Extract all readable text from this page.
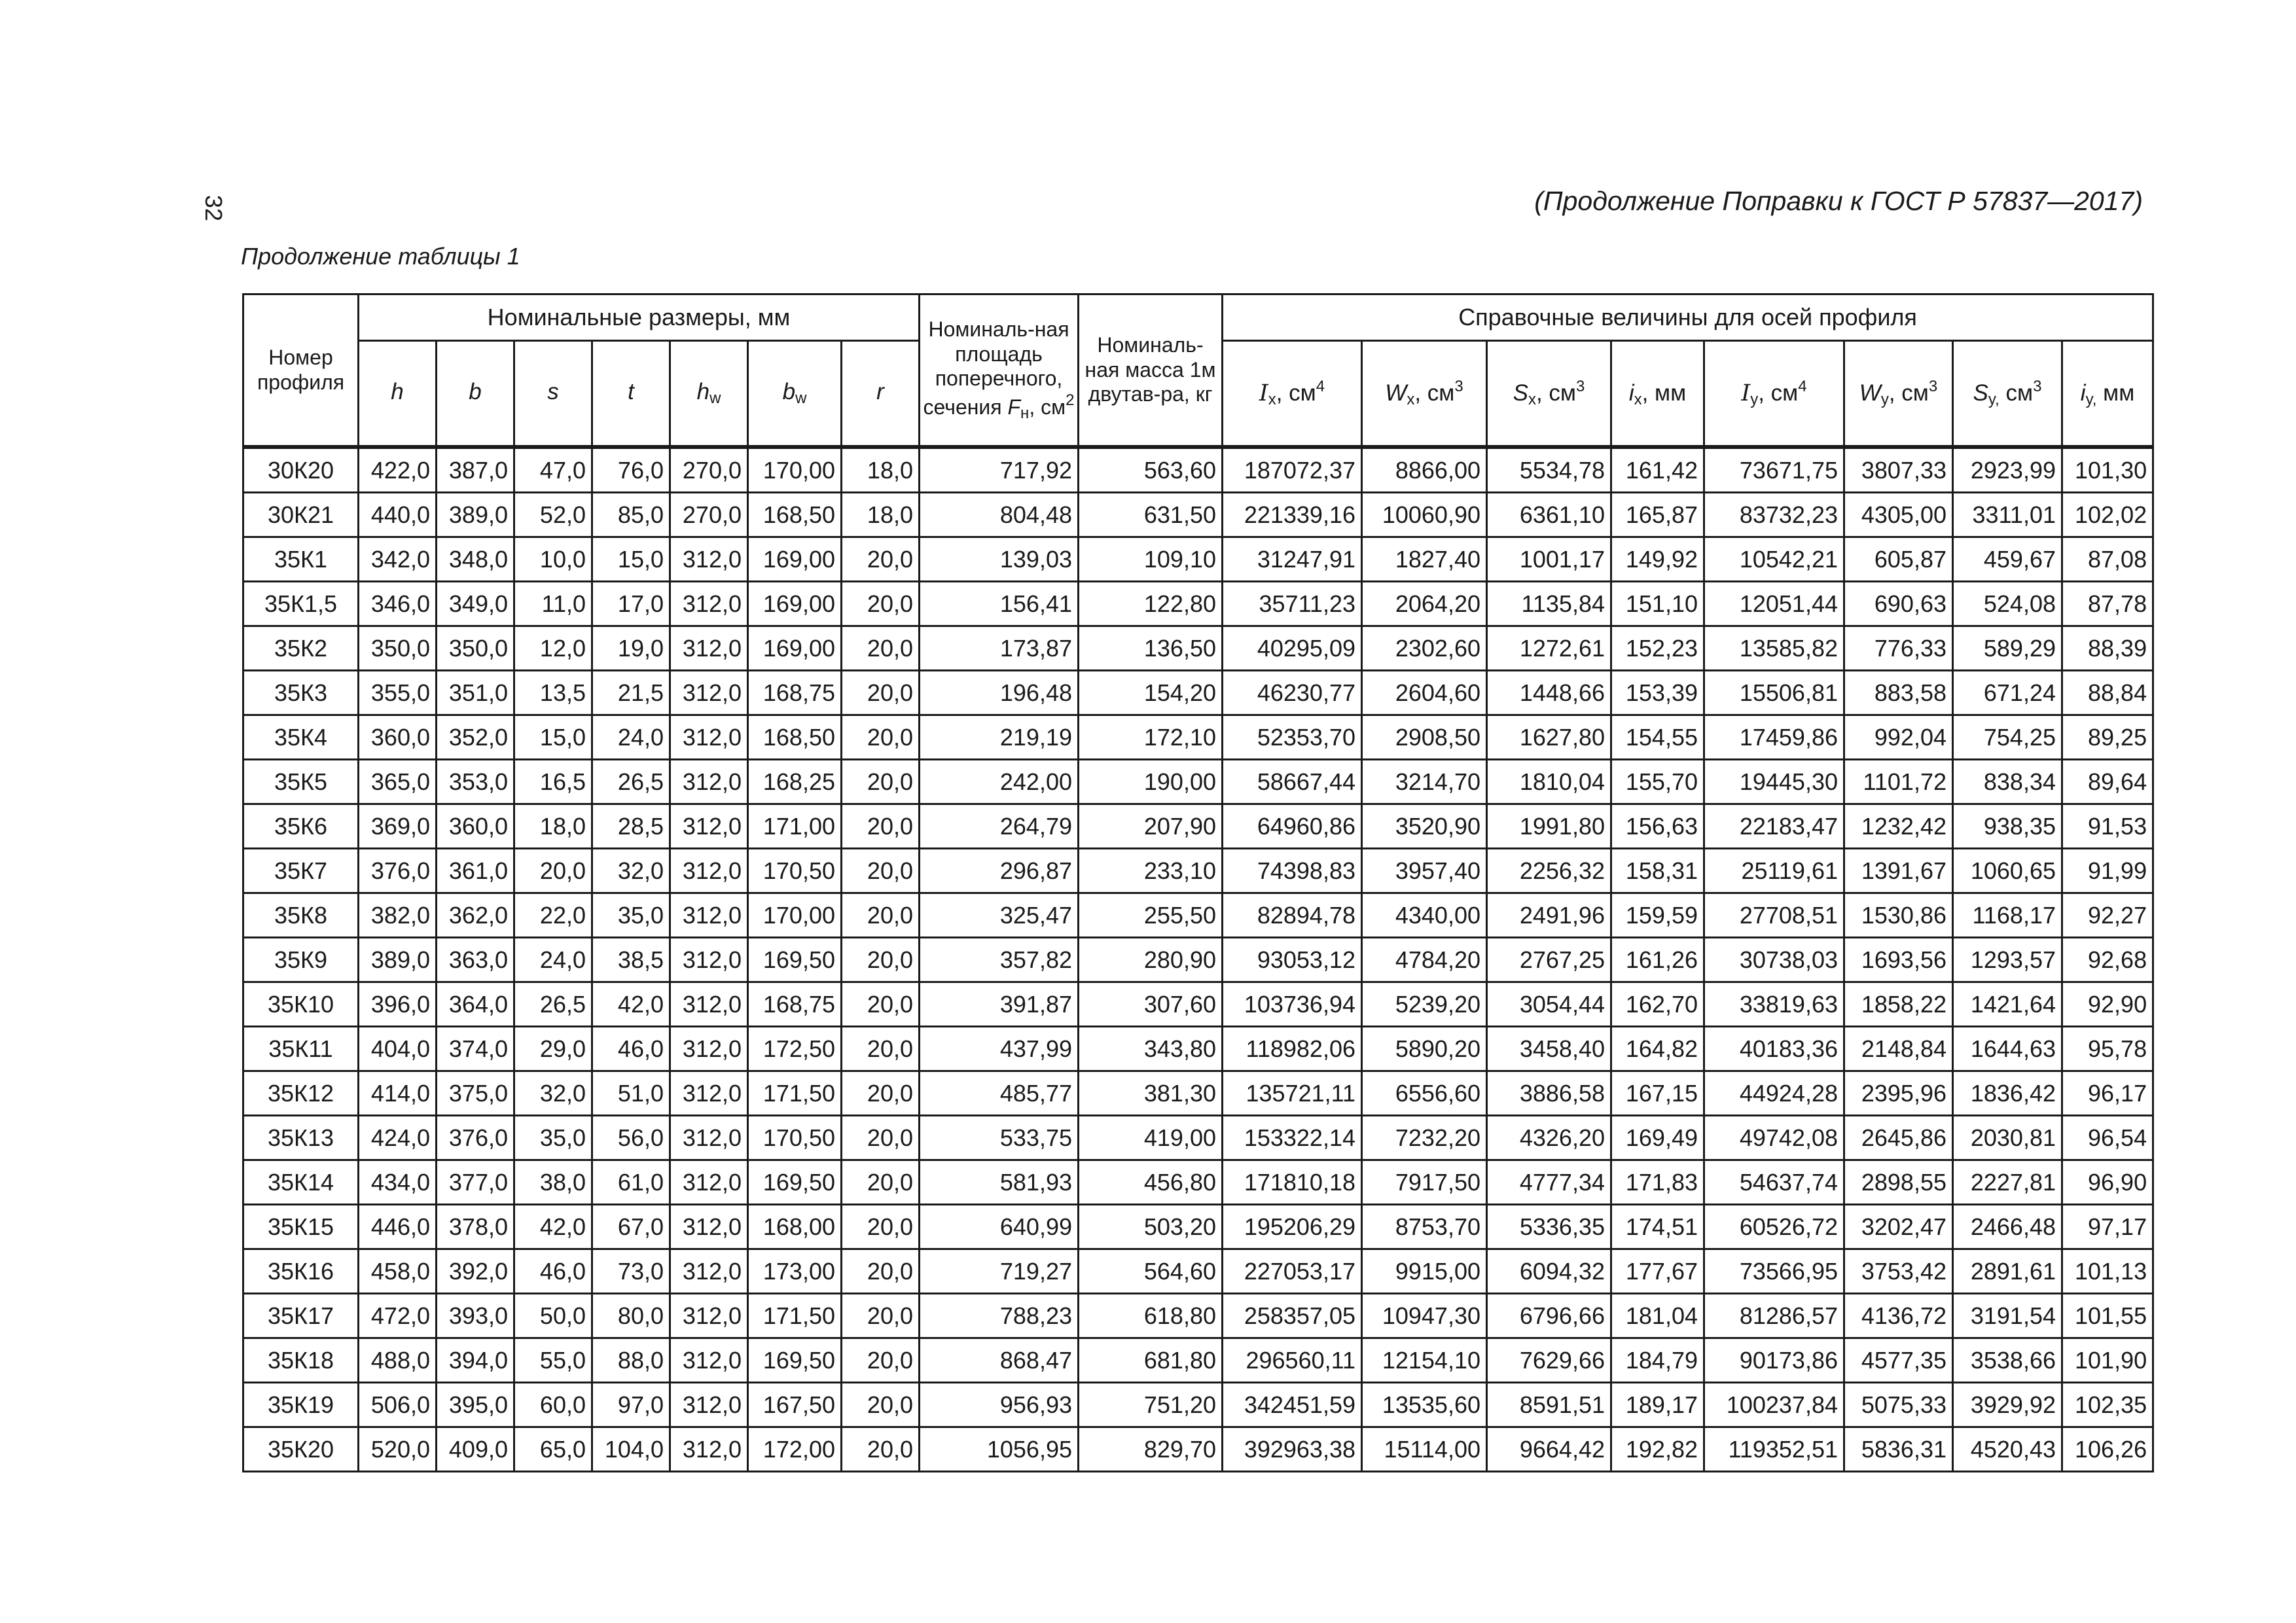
32	(Продолжение Поправки к ГОСТ Р 57837—2017)
Продолжение таблицы 1
Номер профиля	Номинальные размеры, мм							Номиналь-ная площадь поперечного, сечения $F_н$, $см^2$	Номиналь-ная масса 1м двутав-ра, кг	Справочные величины для осей профиля							
	h	b	s	t	$h_w$	$b_w$	r			$I_x$, $см^4$	$W_x$, $см^3$	$S_x$, $см^3$	$i_x$, мм	$I_y$, $см^4$	$W_y$, $см^3$	$S_{y,}$ $см^3$	$i_{y,}$ мм
30К20	422,0	387,0	47,0	76,0	270,0	170,00	18,0	717,92	563,60	187072,37	8866,00	5534,78	161,42	73671,75	3807,33	2923,99	101,30
30К21	440,0	389,0	52,0	85,0	270,0	168,50	18,0	804,48	631,50	221339,16	10060,90	6361,10	165,87	83732,23	4305,00	3311,01	102,02
35К1	342,0	348,0	10,0	15,0	312,0	169,00	20,0	139,03	109,10	31247,91	1827,40	1001,17	149,92	10542,21	605,87	459,67	87,08
35К1,5	346,0	349,0	11,0	17,0	312,0	169,00	20,0	156,41	122,80	35711,23	2064,20	1135,84	151,10	12051,44	690,63	524,08	87,78
35К2	350,0	350,0	12,0	19,0	312,0	169,00	20,0	173,87	136,50	40295,09	2302,60	1272,61	152,23	13585,82	776,33	589,29	88,39
35К3	355,0	351,0	13,5	21,5	312,0	168,75	20,0	196,48	154,20	46230,77	2604,60	1448,66	153,39	15506,81	883,58	671,24	88,84
35К4	360,0	352,0	15,0	24,0	312,0	168,50	20,0	219,19	172,10	52353,70	2908,50	1627,80	154,55	17459,86	992,04	754,25	89,25
35К5	365,0	353,0	16,5	26,5	312,0	168,25	20,0	242,00	190,00	58667,44	3214,70	1810,04	155,70	19445,30	1101,72	838,34	89,64
35К6	369,0	360,0	18,0	28,5	312,0	171,00	20,0	264,79	207,90	64960,86	3520,90	1991,80	156,63	22183,47	1232,42	938,35	91,53
35К7	376,0	361,0	20,0	32,0	312,0	170,50	20,0	296,87	233,10	74398,83	3957,40	2256,32	158,31	25119,61	1391,67	1060,65	91,99
35К8	382,0	362,0	22,0	35,0	312,0	170,00	20,0	325,47	255,50	82894,78	4340,00	2491,96	159,59	27708,51	1530,86	1168,17	92,27
35К9	389,0	363,0	24,0	38,5	312,0	169,50	20,0	357,82	280,90	93053,12	4784,20	2767,25	161,26	30738,03	1693,56	1293,57	92,68
35К10	396,0	364,0	26,5	42,0	312,0	168,75	20,0	391,87	307,60	103736,94	5239,20	3054,44	162,70	33819,63	1858,22	1421,64	92,90
35К11	404,0	374,0	29,0	46,0	312,0	172,50	20,0	437,99	343,80	118982,06	5890,20	3458,40	164,82	40183,36	2148,84	1644,63	95,78
35К12	414,0	375,0	32,0	51,0	312,0	171,50	20,0	485,77	381,30	135721,11	6556,60	3886,58	167,15	44924,28	2395,96	1836,42	96,17
35К13	424,0	376,0	35,0	56,0	312,0	170,50	20,0	533,75	419,00	153322,14	7232,20	4326,20	169,49	49742,08	2645,86	2030,81	96,54
35К14	434,0	377,0	38,0	61,0	312,0	169,50	20,0	581,93	456,80	171810,18	7917,50	4777,34	171,83	54637,74	2898,55	2227,81	96,90
35К15	446,0	378,0	42,0	67,0	312,0	168,00	20,0	640,99	503,20	195206,29	8753,70	5336,35	174,51	60526,72	3202,47	2466,48	97,17
35К16	458,0	392,0	46,0	73,0	312,0	173,00	20,0	719,27	564,60	227053,17	9915,00	6094,32	177,67	73566,95	3753,42	2891,61	101,13
35К17	472,0	393,0	50,0	80,0	312,0	171,50	20,0	788,23	618,80	258357,05	10947,30	6796,66	181,04	81286,57	4136,72	3191,54	101,55
35К18	488,0	394,0	55,0	88,0	312,0	169,50	20,0	868,47	681,80	296560,11	12154,10	7629,66	184,79	90173,86	4577,35	3538,66	101,90
35К19	506,0	395,0	60,0	97,0	312,0	167,50	20,0	956,93	751,20	342451,59	13535,60	8591,51	189,17	100237,84	5075,33	3929,92	102,35
35К20	520,0	409,0	65,0	104,0	312,0	172,00	20,0	1056,95	829,70	392963,38	15114,00	9664,42	192,82	119352,51	5836,31	4520,43	106,26
